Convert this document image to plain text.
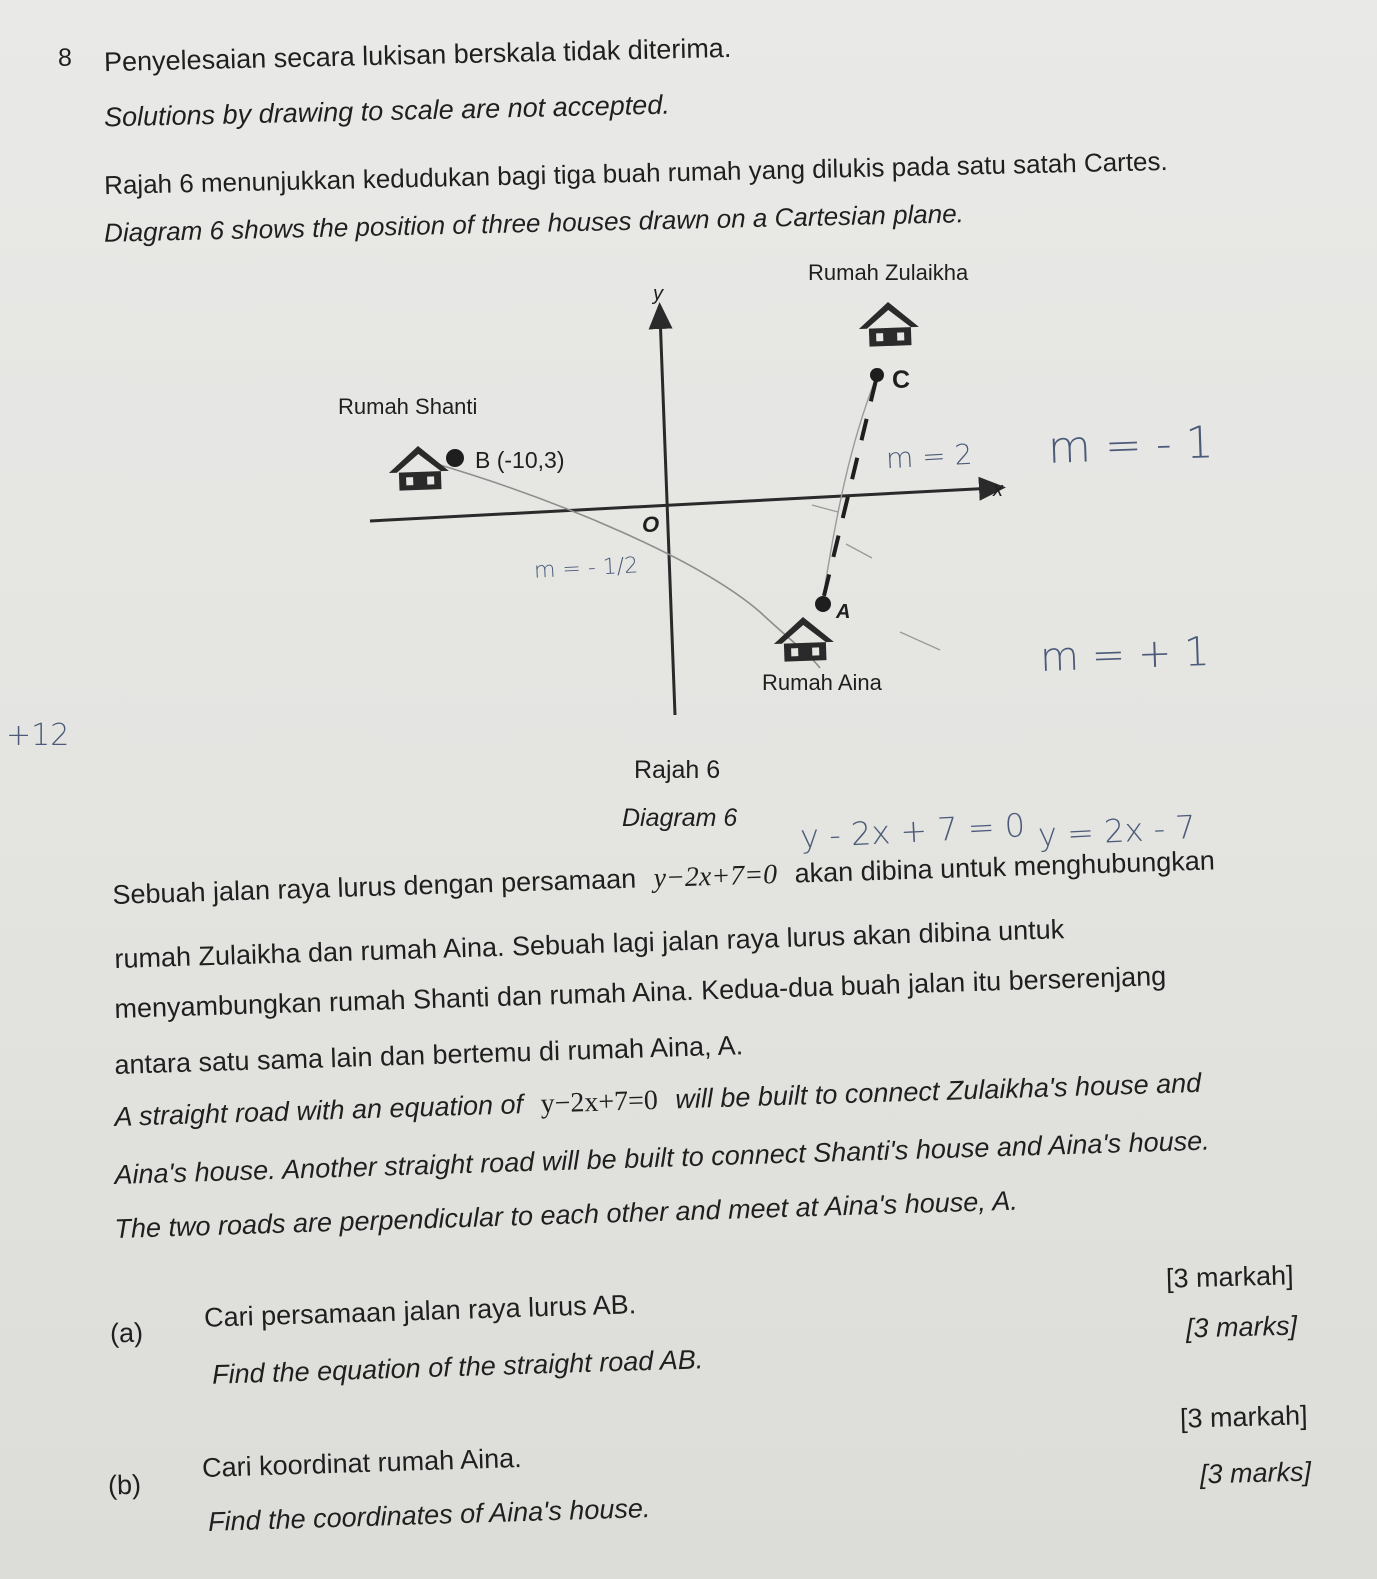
8 Penyelesaian secara lukisan berskala tidak diterima.
Solutions by drawing to scale are not accepted.
Rajah 6 menunjukkan kedudukan bagi tiga buah rumah yang dilukis pada satu satah Cartes.
Diagram 6 shows the position of three houses drawn on a Cartesian plane.
Rumah Zulaikha
Rumah Shanti
Rumah Aina
B (-10,3)
C
A
x
y
O
m = 2 m = - 1
m = - 1/2
m = + 1
+12
y - 2x + 7 = 0 y = 2x - 7
Rajah 6
Diagram 6
Sebuah jalan raya lurus dengan persamaan y−2x+7=0 akan dibina untuk menghubungkan
rumah Zulaikha dan rumah Aina. Sebuah lagi jalan raya lurus akan dibina untuk
menyambungkan rumah Shanti dan rumah Aina. Kedua-dua buah jalan itu berserenjang
antara satu sama lain dan bertemu di rumah Aina, A.
A straight road with an equation of y−2x+7=0 will be built to connect Zulaikha's house and
Aina's house. Another straight road will be built to connect Shanti's house and Aina's house.
The two roads are perpendicular to each other and meet at Aina's house, A.
[3 markah]
(a)
Cari persamaan jalan raya lurus AB.	[3 marks]
Find the equation of the straight road AB.
[3 markah]
(b)
Cari koordinat rumah Aina.	[3 marks]
Find the coordinates of Aina's house.
